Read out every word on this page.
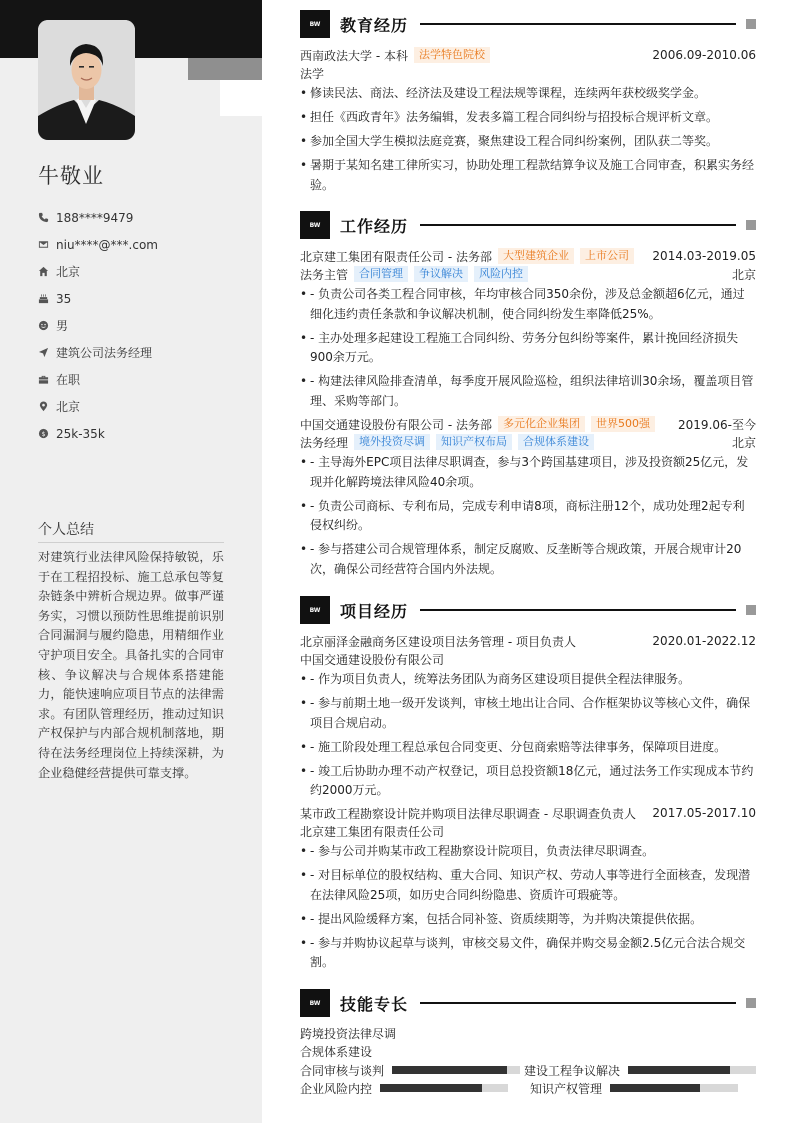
牛敬业
188****9479
niu****@***.com
北京
35
男
建筑公司法务经理
在职
北京
$ 25k-35k
个人总结
对建筑行业法律风险保持敏锐，乐于在工程招投标、施工总承包等复杂链条中辨析合规边界。做事严谨务实，习惯以预防性思维提前识别合同漏洞与履约隐患，用精细作业守护项目安全。具备扎实的合同审核、争议解决与合规体系搭建能力，能快速响应项目节点的法律需求。有团队管理经历，推动过知识产权保护与内部合规机制落地，期待在法务经理岗位上持续深耕，为企业稳健经营提供可靠支撑。
BW	教育经历
西南政法大学 - 本科	法学特色院校	2006.09-2010.06
法学
• 修读民法、商法、经济法及建设工程法规等课程，连续两年获校级奖学金。
• 担任《西政青年》法务编辑，发表多篇工程合同纠纷与招投标合规评析文章。
• 参加全国大学生模拟法庭竞赛，聚焦建设工程合同纠纷案例，团队获二等奖。
• 暑期于某知名建工律所实习，协助处理工程款结算争议及施工合同审查，积累实务经验。
BW	工作经历
北京建工集团有限责任公司 - 法务部	大型建筑企业	上市公司	2014.03-2019.05
法务主管	合同管理	争议解决	风险内控	北京
• - 负责公司各类工程合同审核，年均审核合同350余份，涉及总金额超6亿元，通过细化违约责任条款和争议解决机制，使合同纠纷发生率降低25%。
• - 主办处理多起建设工程施工合同纠纷、劳务分包纠纷等案件，累计挽回经济损失900余万元。
• - 构建法律风险排查清单，每季度开展风险巡检，组织法律培训30余场，覆盖项目管理、采购等部门。
中国交通建设股份有限公司 - 法务部	多元化企业集团	世界500强	2019.06-至今
法务经理	境外投资尽调	知识产权布局	合规体系建设	北京
• - 主导海外EPC项目法律尽职调查，参与3个跨国基建项目，涉及投资额25亿元，发现并化解跨境法律风险40余项。
• - 负责公司商标、专利布局，完成专利申请8项，商标注册12个，成功处理2起专利侵权纠纷。
• - 参与搭建公司合规管理体系，制定反腐败、反垄断等合规政策，开展合规审计20次，确保公司经营符合国内外法规。
BW	项目经历
北京丽泽金融商务区建设项目法务管理 - 项目负责人	2020.01-2022.12
中国交通建设股份有限公司
• - 作为项目负责人，统筹法务团队为商务区建设项目提供全程法律服务。
• - 参与前期土地一级开发谈判，审核土地出让合同、合作框架协议等核心文件，确保项目合规启动。
• - 施工阶段处理工程总承包合同变更、分包商索赔等法律事务，保障项目进度。
• - 竣工后协助办理不动产权登记，项目总投资额18亿元，通过法务工作实现成本节约约2000万元。
某市政工程勘察设计院并购项目法律尽职调查 - 尽职调查负责人 2017.05-2017.10
北京建工集团有限责任公司
• - 参与公司并购某市政工程勘察设计院项目，负责法律尽职调查。
• - 对目标单位的股权结构、重大合同、知识产权、劳动人事等进行全面核查，发现潜在法律风险25项，如历史合同纠纷隐患、资质许可瑕疵等。
• - 提出风险缓释方案，包括合同补签、资质续期等，为并购决策提供依据。
• - 参与并购协议起草与谈判，审核交易文件，确保并购交易金额2.5亿元合法合规交割。
BW	技能专长
跨境投资法律尽调
合规体系建设
合同审核与谈判	建设工程争议解决
企业风险内控	知识产权管理
